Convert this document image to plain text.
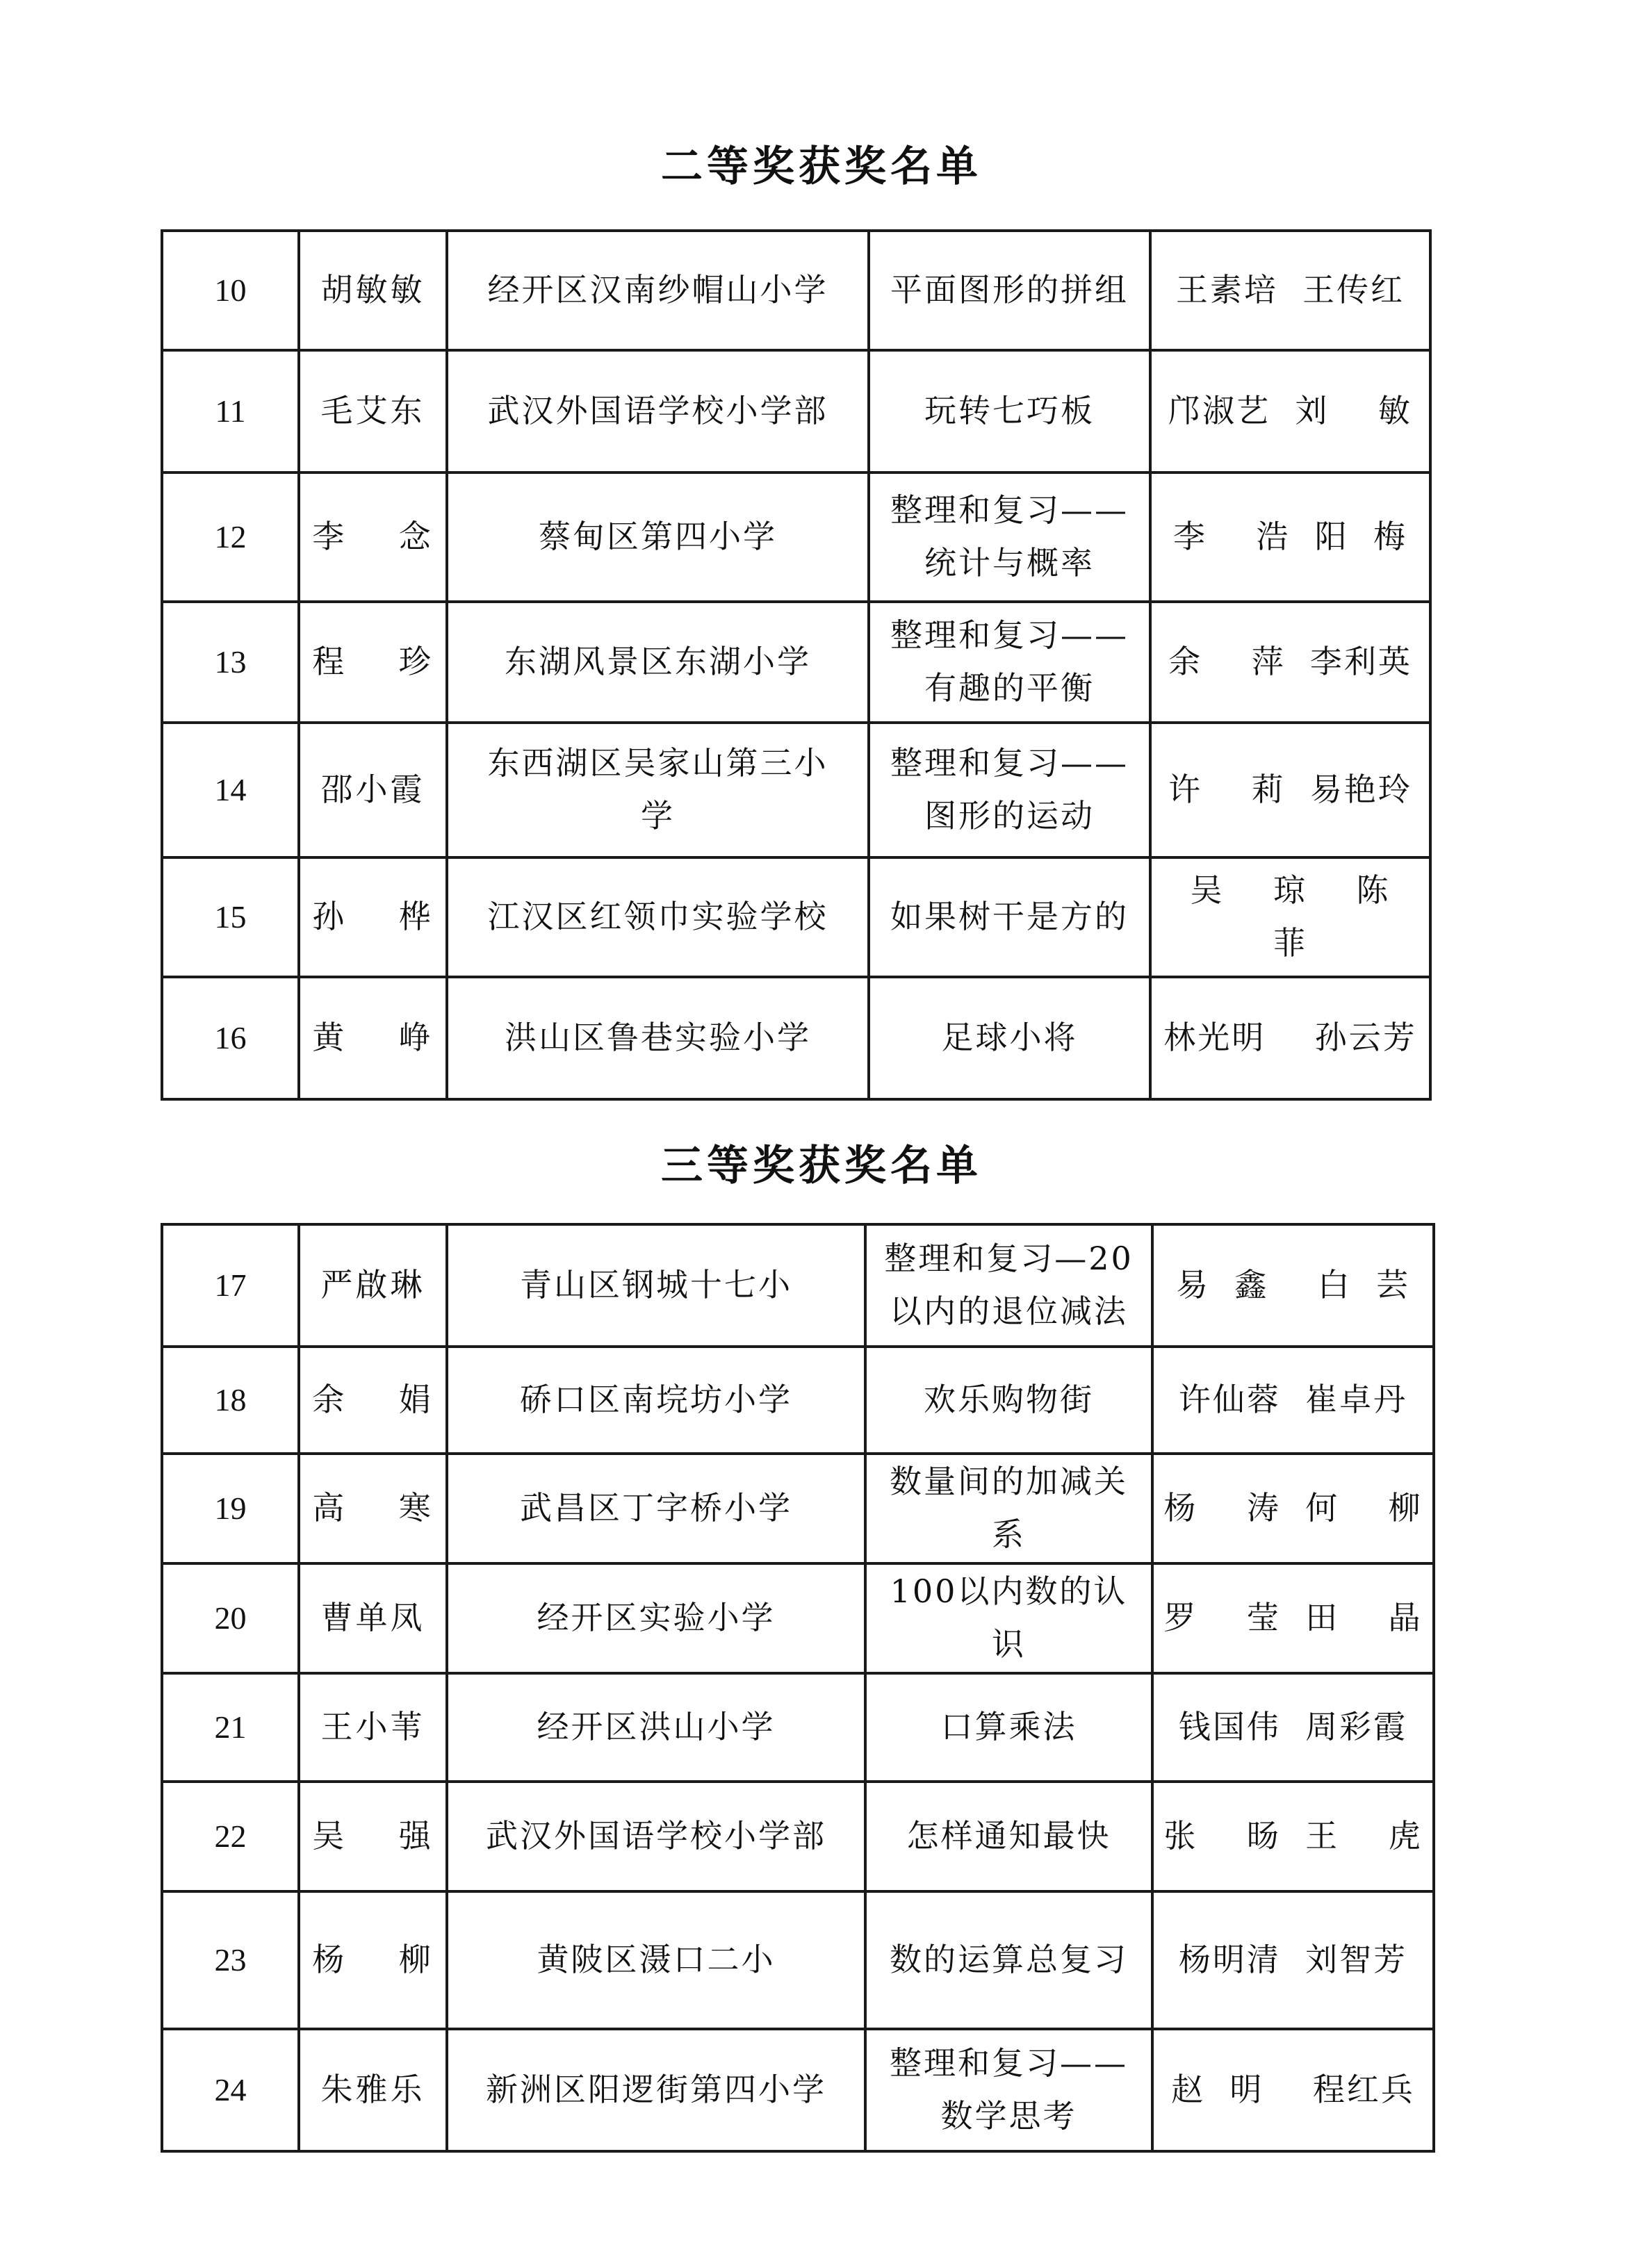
二等奖获奖名单
10	胡敏敏	经开区汉南纱帽山小学	平面图形的拼组	王素培  王传红
11	毛艾东	武汉外国语学校小学部	玩转七巧板	邝淑艺  刘    敏
12	李    念	蔡甸区第四小学	整理和复习——
统计与概率	李    浩  阳  梅
13	程    珍	东湖风景区东湖小学	整理和复习——
有趣的平衡	余    萍  李利英
14	邵小霞	东西湖区吴家山第三小
学	整理和复习——
图形的运动	许    莉  易艳玲
15	孙    桦	江汉区红领巾实验学校	如果树干是方的	吴    琼    陈  菲
16	黄    峥	洪山区鲁巷实验小学	足球小将	林光明    孙云芳
三等奖获奖名单
17	严啟琳	青山区钢城十七小	整理和复习—20
以内的退位减法	易  鑫    白  芸
18	余    娟	硚口区南垸坊小学	欢乐购物街	许仙蓉  崔卓丹
19	高    寒	武昌区丁字桥小学	数量间的加减关
系	杨    涛  何    柳
20	曹单凤	经开区实验小学	100以内数的认
识	罗    莹  田    晶
21	王小苇	经开区洪山小学	口算乘法	钱国伟  周彩霞
22	吴    强	武汉外国语学校小学部	怎样通知最快	张    旸  王    虎
23	杨    柳	黄陂区滠口二小	数的运算总复习	杨明清  刘智芳
24	朱雅乐	新洲区阳逻街第四小学	整理和复习——
数学思考	赵  明    程红兵
